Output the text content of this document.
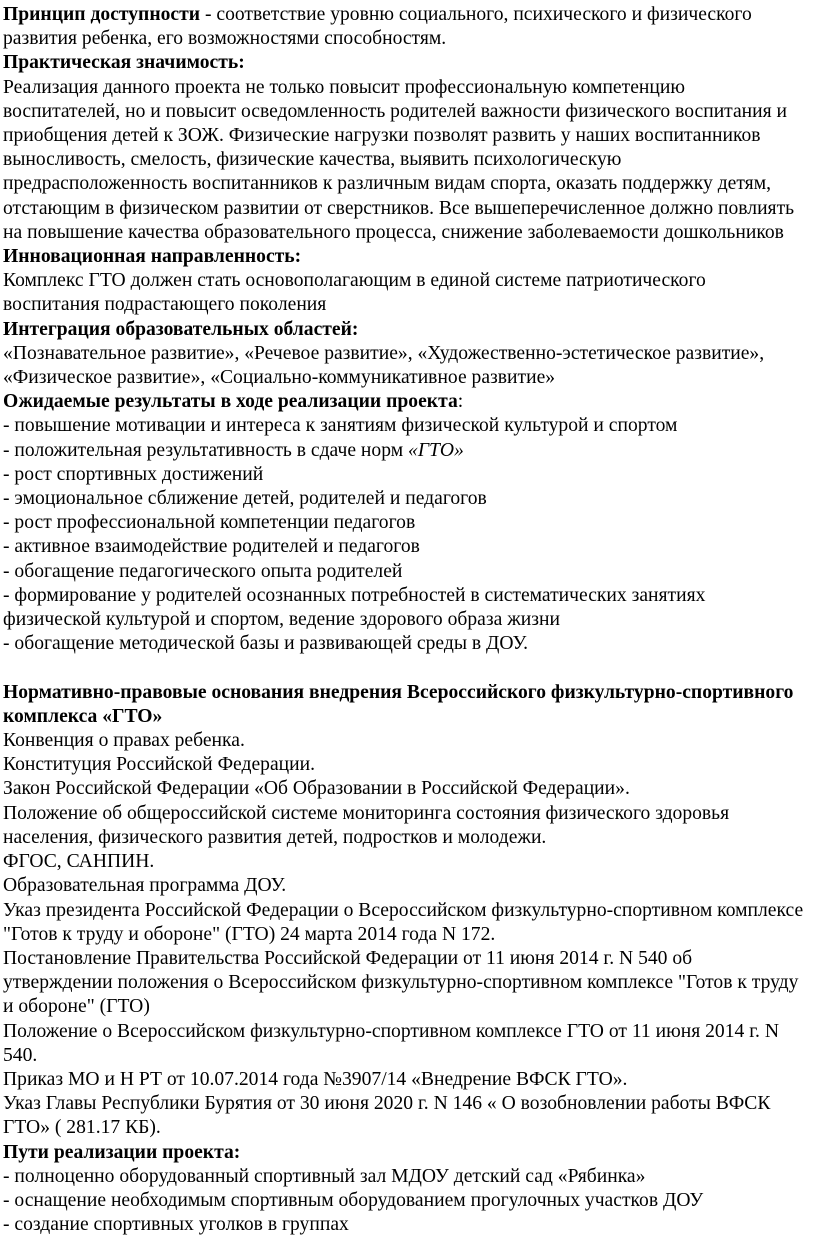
Принцип доступности - соответствие уровню социального, психического и физического развития ребенка, его возможностями способностям.

Практическая значимость:

Реализация данного проекта не только повысит профессиональную компетенцию воспитателей, но и повысит осведомленность родителей важности физического воспитания и приобщения детей к ЗОЖ. Физические нагрузки позволят развить у наших воспитанников выносливость, смелость, физические качества, выявить психологическую предрасположенность воспитанников к различным видам спорта, оказать поддержку детям, отстающим в физическом развитии от сверстников. Все вышеперечисленное должно повлиять на повышение качества образовательного процесса, снижение заболеваемости дошкольников

Инновационная направленность:

Комплекс ГТО должен стать основополагающим в единой системе патриотического воспитания подрастающего поколения

Интеграция образовательных областей:

«Познавательное развитие», «Речевое развитие», «Художественно-эстетическое развитие», «Физическое развитие», «Социально-коммуникативное развитие»

Ожидаемые результаты в ходе реализации проекта:

- повышение мотивации и интереса к занятиям физической культурой и спортом

- положительная результативность в сдаче норм «ГТО»

- рост спортивных достижений

- эмоциональное сближение детей, родителей и педагогов

- рост профессиональной компетенции педагогов

- активное взаимодействие родителей и педагогов

- обогащение педагогического опыта родителей

- формирование у родителей осознанных потребностей в систематических занятиях физической культурой и спортом, ведение здорового образа жизни

- обогащение методической базы и развивающей среды в ДОУ.

Нормативно-правовые основания внедрения Всероссийского физкультурно-спортивного комплекса «ГТО»

Конвенция о правах ребенка.

Конституция Российской Федерации.

Закон Российской Федерации «Об Образовании в Российской Федерации».

Положение об общероссийской системе мониторинга состояния физического здоровья населения, физического развития детей, подростков и молодежи.

ФГОС, САНПИН.

Образовательная программа ДОУ.

Указ президента Российской Федерации о Всероссийском физкультурно-спортивном комплексе "Готов к труду и обороне" (ГТО) 24 марта 2014 года N 172.

Постановление Правительства Российской Федерации от 11 июня 2014 г. N 540 об утверждении положения о Всероссийском физкультурно-спортивном комплексе "Готов к труду и обороне" (ГТО)

Положение о Всероссийском физкультурно-спортивном комплексе ГТО от 11 июня 2014 г. N 540.

Приказ МО и Н РТ от 10.07.2014 года №3907/14 «Внедрение ВФСК ГТО».

Указ Главы Республики Бурятия от 30 июня 2020 г. N 146 « О возобновлении работы ВФСК ГТО» ( 281.17 КБ).

Пути реализации проекта:

- полноценно оборудованный спортивный зал МДОУ детский сад «Рябинка»

- оснащение необходимым спортивным оборудованием прогулочных участков ДОУ

- создание спортивных уголков в группах
